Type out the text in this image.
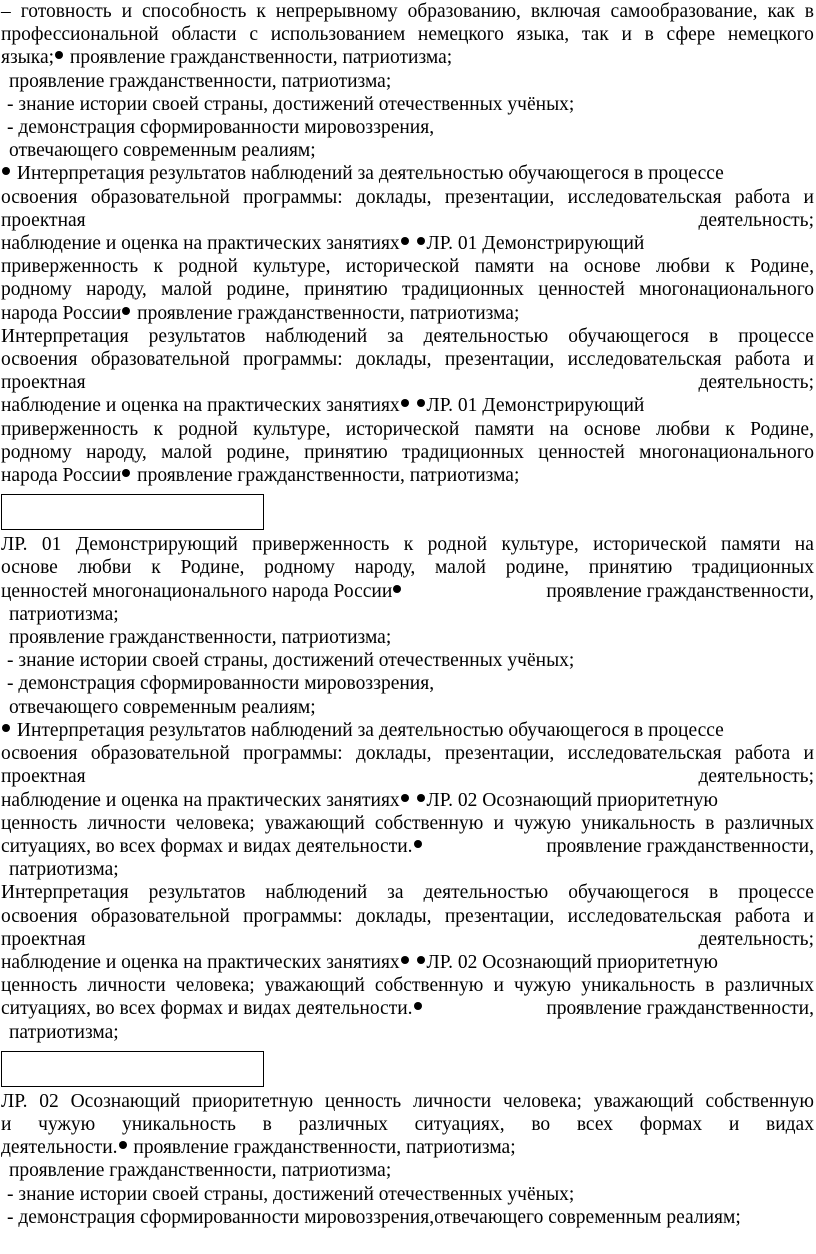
– готовность и способность к непрерывному образованию, включая самообразование, как в
профессиональной области с использованием немецкого языка, так и в сфере немецкого
языка; проявление гражданственности, патриотизма;
проявление гражданственности, патриотизма;
- знание истории своей страны, достижений отечественных учёных;
- демонстрация сформированности мировоззрения,
отвечающего современным реалиям;
Интерпретация результатов наблюдений за деятельностью обучающегося в процессе
освоения образовательной программы: доклады, презентации, исследовательская работа и
проектная	деятельность;
наблюдение и оценка на практических занятиях ЛР. 01 Демонстрирующий
приверженность к родной культуре, исторической памяти на основе любви к Родине,
родному народу, малой родине, принятию традиционных ценностей многонационального
народа России проявление гражданственности, патриотизма;
Интерпретация результатов наблюдений за деятельностью обучающегося в процессе
освоения образовательной программы: доклады, презентации, исследовательская работа и
проектная	деятельность;
наблюдение и оценка на практических занятиях ЛР. 01 Демонстрирующий
приверженность к родной культуре, исторической памяти на основе любви к Родине,
родному народу, малой родине, принятию традиционных ценностей многонационального
народа России проявление гражданственности, патриотизма;
ЛР. 01 Демонстрирующий приверженность к родной культуре, исторической памяти на
основе любви к Родине, родному народу, малой родине, принятию традиционных
ценностей многонационального народа России	проявление гражданственности,
патриотизма;
проявление гражданственности, патриотизма;
- знание истории своей страны, достижений отечественных учёных;
- демонстрация сформированности мировоззрения,
отвечающего современным реалиям;
Интерпретация результатов наблюдений за деятельностью обучающегося в процессе
освоения образовательной программы: доклады, презентации, исследовательская работа и
проектная	деятельность;
наблюдение и оценка на практических занятиях ЛР. 02 Осознающий приоритетную
ценность личности человека; уважающий собственную и чужую уникальность в различных
ситуациях, во всех формах и видах деятельности.	проявление гражданственности,
патриотизма;
Интерпретация результатов наблюдений за деятельностью обучающегося в процессе
освоения образовательной программы: доклады, презентации, исследовательская работа и
проектная	деятельность;
наблюдение и оценка на практических занятиях ЛР. 02 Осознающий приоритетную
ценность личности человека; уважающий собственную и чужую уникальность в различных
ситуациях, во всех формах и видах деятельности.	проявление гражданственности,
патриотизма;
ЛР. 02 Осознающий приоритетную ценность личности человека; уважающий собственную
и чужую уникальность в различных ситуациях, во всех формах и видах
деятельности. проявление гражданственности, патриотизма;
проявление гражданственности, патриотизма;
- знание истории своей страны, достижений отечественных учёных;
- демонстрация сформированности мировоззрения,отвечающего современным реалиям;
